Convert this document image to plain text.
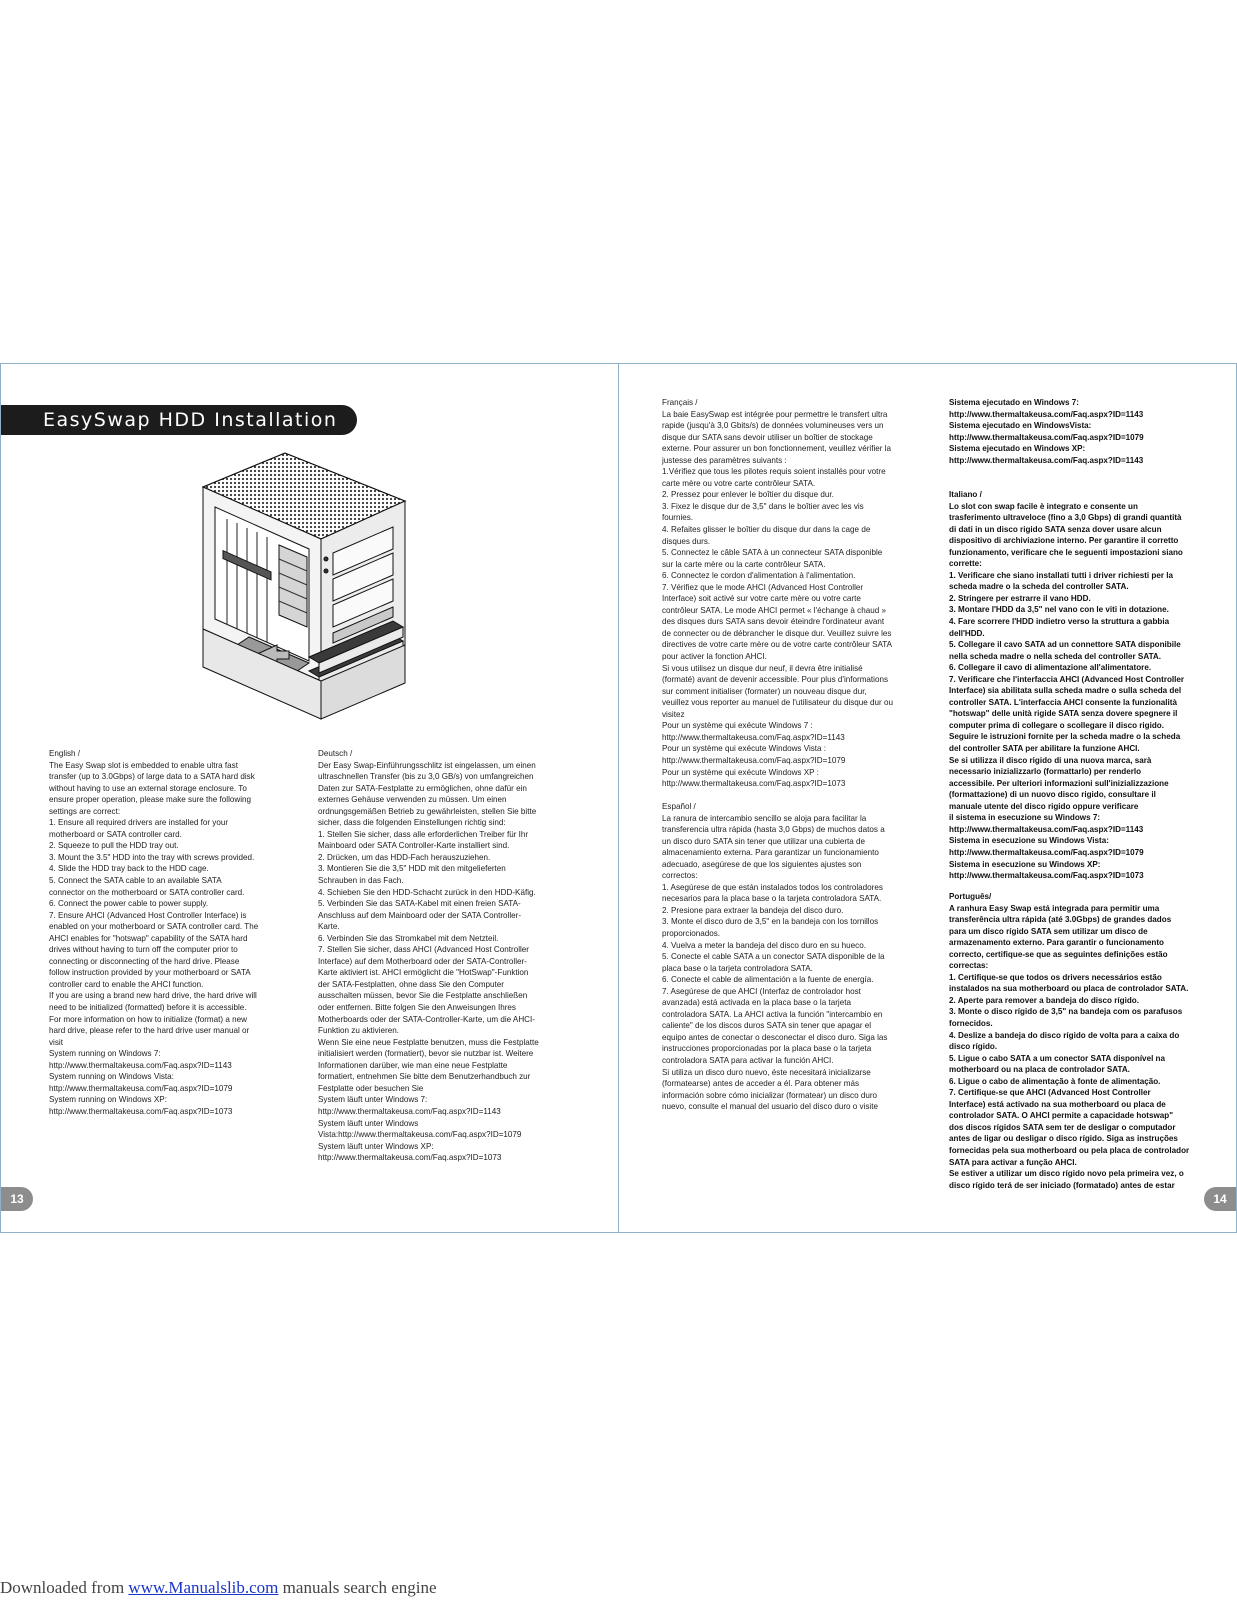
EasySwap HDD Installation
English /
The Easy Swap slot is embedded to enable ultra fast
transfer (up to 3.0Gbps) of large data to a SATA hard disk
without having to use an external storage enclosure. To
ensure proper operation, please make sure the following
settings are correct:
1. Ensure all required drivers are installed for your
motherboard or SATA controller card.
2. Squeeze to pull the HDD tray out.
3. Mount the 3.5" HDD into the tray with screws provided.
4. Slide the HDD tray back to the HDD cage.
5. Connect the SATA cable to an available SATA
connector on the motherboard or SATA controller card.
6. Connect the power cable to power supply.
7. Ensure AHCI (Advanced Host Controller Interface) is
enabled on your motherboard or SATA controller card. The
AHCI enables for "hotswap" capability of the SATA hard
drives without having to turn off the computer prior to
connecting or disconnecting of the hard drive. Please
follow instruction provided by your motherboard or SATA
controller card to enable the AHCI function.
If you are using a brand new hard drive, the hard drive will
need to be initialized (formatted) before it is accessible.
For more information on how to initialize (format) a new
hard drive, please refer to the hard drive user manual or
visit
System running on Windows 7:
http://www.thermaltakeusa.com/Faq.aspx?ID=1143
System running on Windows Vista:
http://www.thermaltakeusa.com/Faq.aspx?ID=1079
System running on Windows XP:
http://www.thermaltakeusa.com/Faq.aspx?ID=1073
Deutsch /
Der Easy Swap-Einführungsschlitz ist eingelassen, um einen
ultraschnellen Transfer (bis zu 3,0 GB/s) von umfangreichen
Daten zur SATA-Festplatte zu ermöglichen, ohne dafür ein
externes Gehäuse verwenden zu müssen. Um einen
ordnungsgemäßen Betrieb zu gewährleisten, stellen Sie bitte
sicher, dass die folgenden Einstellungen richtig sind:
1. Stellen Sie sicher, dass alle erforderlichen Treiber für Ihr
Mainboard oder SATA Controller-Karte installiert sind.
2. Drücken, um das HDD-Fach herauszuziehen.
3. Montieren Sie die 3,5" HDD mit den mitgelieferten
Schrauben in das Fach.
4. Schieben Sie den HDD-Schacht zurück in den HDD-Käfig.
5. Verbinden Sie das SATA-Kabel mit einen freien SATA-
Anschluss auf dem Mainboard oder der SATA Controller-
Karte.
6. Verbinden Sie das Stromkabel mit dem Netzteil.
7. Stellen Sie sicher, dass AHCI (Advanced Host Controller
Interface) auf dem Motherboard oder der SATA-Controller-
Karte aktiviert ist. AHCI ermöglicht die "HotSwap"-Funktion
der SATA-Festplatten, ohne dass Sie den Computer
ausschalten müssen, bevor Sie die Festplatte anschließen
oder entfernen. Bitte folgen Sie den Anweisungen Ihres
Motherboards oder der SATA-Controller-Karte, um die AHCI-
Funktion zu aktivieren.
Wenn Sie eine neue Festplatte benutzen, muss die Festplatte
initialisiert werden (formatiert), bevor sie nutzbar ist. Weitere
Informationen darüber, wie man eine neue Festplatte
formatiert, entnehmen Sie bitte dem Benutzerhandbuch zur
Festplatte oder besuchen Sie
System läuft unter Windows 7:
http://www.thermaltakeusa.com/Faq.aspx?ID=1143
System läuft unter Windows
Vista:http://www.thermaltakeusa.com/Faq.aspx?ID=1079
System läuft unter Windows XP:
http://www.thermaltakeusa.com/Faq.aspx?ID=1073
13
Français /
La baie EasySwap est intégrée pour permettre le transfert ultra
rapide (jusqu'à 3,0 Gbits/s) de données volumineuses vers un
disque dur SATA sans devoir utiliser un boîtier de stockage
externe. Pour assurer un bon fonctionnement, veuillez vérifier la
justesse des paramètres suivants :
1.Vérifiez que tous les pilotes requis soient installés pour votre
carte mère ou votre carte contrôleur SATA.
2. Pressez pour enlever le boîtier du disque dur.
3. Fixez le disque dur de 3,5" dans le boîtier avec les vis
fournies.
4. Refaites glisser le boîtier du disque dur dans la cage de
disques durs.
5. Connectez le câble SATA à un connecteur SATA disponible
sur la carte mère ou la carte contrôleur SATA.
6. Connectez le cordon d'alimentation à l'alimentation.
7. Vérifiez que le mode AHCI (Advanced Host Controller
Interface) soit activé sur votre carte mère ou votre carte
contrôleur SATA. Le mode AHCI permet « l'échange à chaud »
des disques durs SATA sans devoir éteindre l'ordinateur avant
de connecter ou de débrancher le disque dur. Veuillez suivre les
directives de votre carte mère ou de votre carte contrôleur SATA
pour activer la fonction AHCI.
Si vous utilisez un disque dur neuf, il devra être initialisé
(formaté) avant de devenir accessible. Pour plus d'informations
sur comment initialiser (formater) un nouveau disque dur,
veuillez vous reporter au manuel de l'utilisateur du disque dur ou
visitez
Pour un système qui exécute Windows 7 :
http://www.thermaltakeusa.com/Faq.aspx?ID=1143
Pour un système qui exécute Windows Vista :
http://www.thermaltakeusa.com/Faq.aspx?ID=1079
Pour un système qui exécute Windows XP :
http://www.thermaltakeusa.com/Faq.aspx?ID=1073
Español /
La ranura de intercambio sencillo se aloja para facilitar la
transferencia ultra rápida (hasta 3,0 Gbps) de muchos datos a
un disco duro SATA sin tener que utilizar una cubierta de
almacenamiento externa. Para garantizar un funcionamiento
adecuado, asegúrese de que los siguientes ajustes son
correctos:
1. Asegúrese de que están instalados todos los controladores
necesarios para la placa base o la tarjeta controladora SATA.
2. Presione para extraer la bandeja del disco duro.
3. Monte el disco duro de 3,5" en la bandeja con los tornillos
proporcionados.
4. Vuelva a meter la bandeja del disco duro en su hueco.
5. Conecte el cable SATA a un conector SATA disponible de la
placa base o la tarjeta controladora SATA.
6. Conecte el cable de alimentación a la fuente de energía.
7. Asegúrese de que AHCI (Interfaz de controlador host
avanzada) está activada en la placa base o la tarjeta
controladora SATA. La AHCI activa la función "intercambio en
caliente" de los discos duros SATA sin tener que apagar el
equipo antes de conectar o desconectar el disco duro. Siga las
instrucciones proporcionadas por la placa base o la tarjeta
controladora SATA para activar la función AHCI.
Si utiliza un disco duro nuevo, éste necesitará inicializarse
(formatearse) antes de acceder a él. Para obtener más
información sobre cómo inicializar (formatear) un disco duro
nuevo, consulte el manual del usuario del disco duro o visite
Sistema ejecutado en Windows 7:
http://www.thermaltakeusa.com/Faq.aspx?ID=1143
Sistema ejecutado en WindowsVista:
http://www.thermaltakeusa.com/Faq.aspx?ID=1079
Sistema ejecutado en Windows XP:
http://www.thermaltakeusa.com/Faq.aspx?ID=1143
Italiano /
Lo slot con swap facile è integrato e consente un
trasferimento ultraveloce (fino a 3,0 Gbps) di grandi quantità
di dati in un disco rigido SATA senza dover usare alcun
dispositivo di archiviazione interno. Per garantire il corretto
funzionamento, verificare che le seguenti impostazioni siano
corrette:
1. Verificare che siano installati tutti i driver richiesti per la
scheda madre o la scheda del controller SATA.
2. Stringere per estrarre il vano HDD.
3. Montare l'HDD da 3,5" nel vano con le viti in dotazione.
4. Fare scorrere l'HDD indietro verso la struttura a gabbia
dell'HDD.
5. Collegare il cavo SATA ad un connettore SATA disponibile
nella scheda madre o nella scheda del controller SATA.
6. Collegare il cavo di alimentazione all'alimentatore.
7. Verificare che l'interfaccia AHCI (Advanced Host Controller
Interface) sia abilitata sulla scheda madre o sulla scheda del
controller SATA. L'interfaccia AHCI consente la funzionalità
"hotswap" delle unità rigide SATA senza dovere spegnere il
computer prima di collegare o scollegare il disco rigido.
Seguire le istruzioni fornite per la scheda madre o la scheda
del controller SATA per abilitare la funzione AHCI.
Se si utilizza il disco rigido di una nuova marca, sarà
necessario inizializzarlo (formattarlo) per renderlo
accessibile. Per ulteriori informazioni sull'inizializzazione
(formattazione) di un nuovo disco rigido, consultare il
manuale utente del disco rigido oppure verificare
il sistema in esecuzione su Windows 7:
http://www.thermaltakeusa.com/Faq.aspx?ID=1143
Sistema in esecuzione su Windows Vista:
http://www.thermaltakeusa.com/Faq.aspx?ID=1079
Sistema in esecuzione su Windows XP:
http://www.thermaltakeusa.com/Faq.aspx?ID=1073
Português/
A ranhura Easy Swap está integrada para permitir uma
transferência ultra rápida (até 3.0Gbps) de grandes dados
para um disco rígido SATA sem utilizar um disco de
armazenamento externo. Para garantir o funcionamento
correcto, certifique-se que as seguintes definições estão
correctas:
1. Certifique-se que todos os drivers necessários estão
instalados na sua motherboard ou placa de controlador SATA.
2. Aperte para remover a bandeja do disco rígido.
3. Monte o disco rígido de 3,5" na bandeja com os parafusos
fornecidos.
4. Deslize a bandeja do disco rígido de volta para a caixa do
disco rígido.
5. Ligue o cabo SATA a um conector SATA disponível na
motherboard ou na placa de controlador SATA.
6. Ligue o cabo de alimentação à fonte de alimentação.
7. Certifique-se que AHCI (Advanced Host Controller
Interface) está activado na sua motherboard ou placa de
controlador SATA. O AHCI permite a capacidade hotswap"
dos discos rígidos SATA sem ter de desligar o computador
antes de ligar ou desligar o disco rígido. Siga as instruções
fornecidas pela sua motherboard ou pela placa de controlador
SATA para activar a função AHCI.
Se estiver a utilizar um disco rígido novo pela primeira vez, o
disco rígido terá de ser iniciado (formatado) antes de estar
14
Downloaded from www.Manualslib.com manuals search engine
